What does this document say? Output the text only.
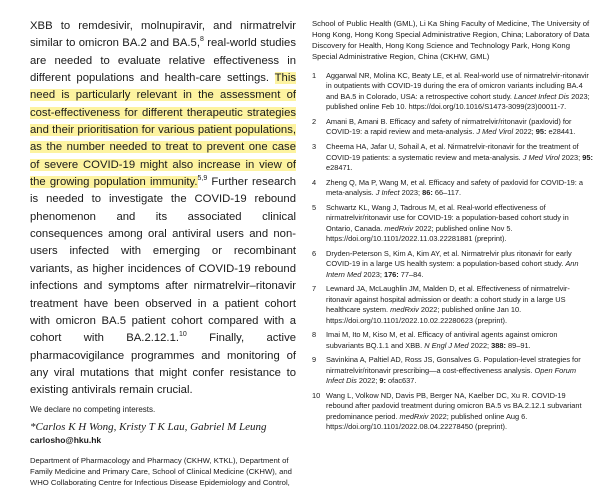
XBB to remdesivir, molnupiravir, and nirmatrelvir similar to omicron BA.2 and BA.5,$^8$ real-world studies are needed to evaluate relative effectiveness in different populations and health-care settings. This need is particularly relevant in the assessment of cost-effectiveness for different therapeutic strategies and their prioritisation for various patient populations, as the number needed to treat to prevent one case of severe COVID-19 might also increase in view of the growing population immunity.$^{5,9}$ Further research is needed to investigate the COVID-19 rebound phenomenon and its associated clinical consequences among oral antiviral users and non-users infected with emerging or recombinant variants, as higher incidences of COVID-19 rebound infections and symptoms after nirmatrelvir–ritonavir treatment have been observed in a patient cohort with omicron BA.5 patient cohort compared with a cohort with BA.2.12.1.10 Finally, active pharmacovigilance programmes and monitoring of any viral mutations that might confer resistance to existing antivirals remain crucial.
We declare no competing interests.
*Carlos K H Wong, Kristy T K Lau, Gabriel M Leung
carlosho@hku.hk
Department of Pharmacology and Pharmacy (CKHW, KTKL), Department of Family Medicine and Primary Care, School of Clinical Medicine (CKHW), and WHO Collaborating Centre for Infectious Disease Epidemiology and Control,
School of Public Health (GML), Li Ka Shing Faculty of Medicine, The University of Hong Kong, Hong Kong Special Administrative Region, China; Laboratory of Data Discovery for Health, Hong Kong Science and Technology Park, Hong Kong Special Administrative Region, China (CKHW, GML)
1 Aggarwal NR, Molina KC, Beaty LE, et al. Real-world use of nirmatrelvir-ritonavir in outpatients with COVID-19 during the era of omicron variants including BA.4 and BA.5 in Colorado, USA: a retrospective cohort study. Lancet Infect Dis 2023; published online Feb 10. https://doi.org/10.1016/S1473-3099(23)00011-7.
2 Amani B, Amani B. Efficacy and safety of nirmatrelvir/ritonavir (paxlovid) for COVID-19: a rapid review and meta-analysis. J Med Virol 2022; 95: e28441.
3 Cheema HA, Jafar U, Sohail A, et al. Nirmatrelvir-ritonavir for the treatment of COVID-19 patients: a systematic review and meta-analysis. J Med Virol 2023; 95: e28471.
4 Zheng Q, Ma P, Wang M, et al. Efficacy and safety of paxlovid for COVID-19: a meta-analysis. J Infect 2023; 86: 66–117.
5 Schwartz KL, Wang J, Tadrous M, et al. Real-world effectiveness of nirmatrelvir/ritonavir use for COVID-19: a population-based cohort study in Ontario, Canada. medRxiv 2022; published online Nov 5. https://doi.org/10.1101/2022.11.03.22281881 (preprint).
6 Dryden-Peterson S, Kim A, Kim AY, et al. Nirmatrelvir plus ritonavir for early COVID-19 in a large US health system: a population-based cohort study. Ann Intern Med 2023; 176: 77–84.
7 Lewnard JA, McLaughlin JM, Malden D, et al. Effectiveness of nirmatrelvir-ritonavir against hospital admission or death: a cohort study in a large US healthcare system. medRxiv 2022; published online Jan 10. https://doi.org/10.1101/2022.10.02.22280623 (preprint).
8 Imai M, Ito M, Kiso M, et al. Efficacy of antiviral agents against omicron subvariants BQ.1.1 and XBB. N Engl J Med 2022; 388: 89–91.
9 Savinkina A, Paltiel AD, Ross JS, Gonsalves G. Population-level strategies for nirmatrelvir/ritonavir prescribing—a cost-effectiveness analysis. Open Forum Infect Dis 2022; 9: ofac637.
10 Wang L, Volkow ND, Davis PB, Berger NA, Kaelber DC, Xu R. COVID-19 rebound after paxlovid treatment during omicron BA.5 vs BA.2.12.1 subvariant predominance period. medRxiv 2022; published online Aug 6. https://doi.org/10.1101/2022.08.04.22278450 (preprint).
